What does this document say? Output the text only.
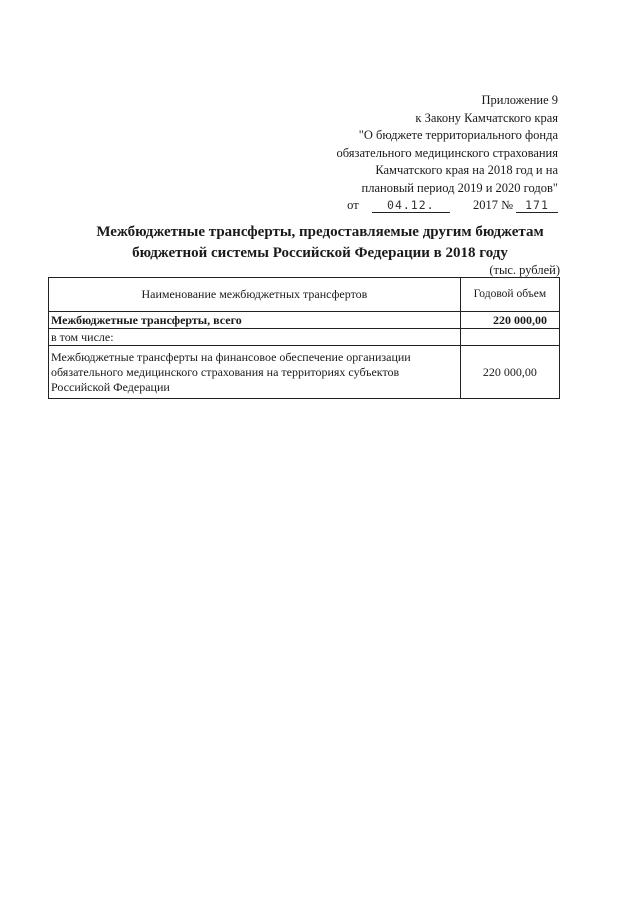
Приложение 9
к Закону Камчатского края
"О бюджете территориального фонда
обязательного медицинского страхования
Камчатского края на 2018 год и на
плановый период 2019 и 2020 годов"
от 04.12.	2017 № 171
Межбюджетные трансферты, предоставляемые другим бюджетам
бюджетной системы Российской Федерации в 2018 году
(тыс. рублей)
Наименование межбюджетных трансфертов	Годовой объем
Межбюджетные трансферты, всего	220 000,00
в том числе:	
Межбюджетные трансферты на финансовое обеспечение организации обязательного медицинского страхования на территориях субъектов Российской Федерации	220 000,00
